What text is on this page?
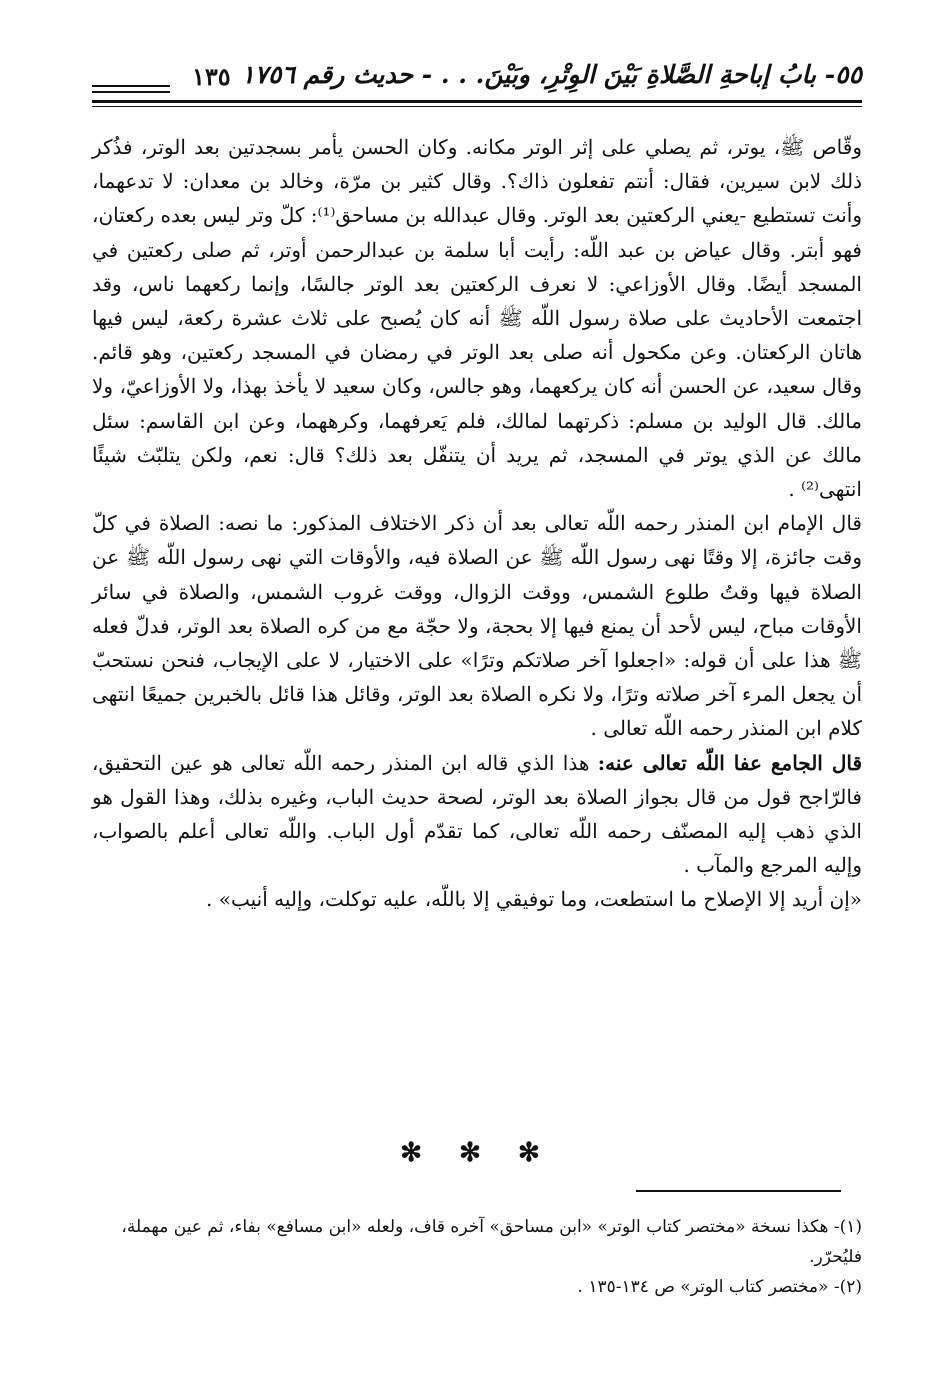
٥٥- بابُ إباحةِ الصَّلاةِ بَيْنَ الوِتْرِ، وبَيْنَ. . . - حديث رقم ١٧٥٦
١٣٥

وقّاص ﷺ، يوتر، ثم يصلي على إثر الوتر مكانه. وكان الحسن يأمر بسجدتين بعد الوتر، فذُكر ذلك لابن سيرين، فقال: أنتم تفعلون ذاك؟. وقال كثير بن مرّة، وخالد بن معدان: لا تدعهما، وأنت تستطيع -يعني الركعتين بعد الوتر. وقال عبدالله بن مساحق⁽¹⁾: كلّ وتر ليس بعده ركعتان، فهو أبتر. وقال عياض بن عبد اللّه: رأيت أبا سلمة بن عبدالرحمن أوتر، ثم صلى ركعتين في المسجد أيضًا. وقال الأوزاعي: لا نعرف الركعتين بعد الوتر جالسًا، وإنما ركعهما ناس، وقد اجتمعت الأحاديث على صلاة رسول اللّه ﷺ أنه كان يُصبح على ثلاث عشرة ركعة، ليس فيها هاتان الركعتان. وعن مكحول أنه صلى بعد الوتر في رمضان في المسجد ركعتين، وهو قائم. وقال سعيد، عن الحسن أنه كان يركعهما، وهو جالس، وكان سعيد لا يأخذ بهذا، ولا الأوزاعيّ، ولا مالك. قال الوليد بن مسلم: ذكرتهما لمالك، فلم يَعرفهما، وكرههما، وعن ابن القاسم: سئل مالك عن الذي يوتر في المسجد، ثم يريد أن يتنفّل بعد ذلك؟ قال: نعم، ولكن يتلبّث شيئًا انتهى⁽²⁾ .

قال الإمام ابن المنذر رحمه اللّه تعالى بعد أن ذكر الاختلاف المذكور: ما نصه: الصلاة في كلّ وقت جائزة، إلا وقتًا نهى رسول اللّه ﷺ عن الصلاة فيه، والأوقات التي نهى رسول اللّه ﷺ عن الصلاة فيها وقتُ طلوع الشمس، ووقت الزوال، ووقت غروب الشمس، والصلاة في سائر الأوقات مباح، ليس لأحد أن يمنع فيها إلا بحجة، ولا حجّة مع من كره الصلاة بعد الوتر، فدلّ فعله ﷺ هذا على أن قوله: «اجعلوا آخر صلاتكم وترًا» على الاختيار، لا على الإيجاب، فنحن نستحبّ أن يجعل المرء آخر صلاته وترًا، ولا نكره الصلاة بعد الوتر، وقائل هذا قائل بالخبرين جميعًا انتهى كلام ابن المنذر رحمه اللّه تعالى .

قال الجامع عفا اللّه تعالى عنه: هذا الذي قاله ابن المنذر رحمه اللّه تعالى هو عين التحقيق، فالرّاجح قول من قال بجواز الصلاة بعد الوتر، لصحة حديث الباب، وغيره بذلك، وهذا القول هو الذي ذهب إليه المصنّف رحمه اللّه تعالى، كما تقدّم أول الباب. واللّه تعالى أعلم بالصواب، وإليه المرجع والمآب .

«إن أريد إلا الإصلاح ما استطعت، وما توفيقي إلا باللّه، عليه توكلت، وإليه أنيب» .

✻ ✻ ✻

(١)- هكذا نسخة «مختصر كتاب الوتر» «ابن مساحق» آخره قاف، ولعله «ابن مسافع» بفاء، ثم عين مهملة، فليُحرّر.

(٢)- «مختصر كتاب الوتر» ص ١٣٤-١٣٥ .
